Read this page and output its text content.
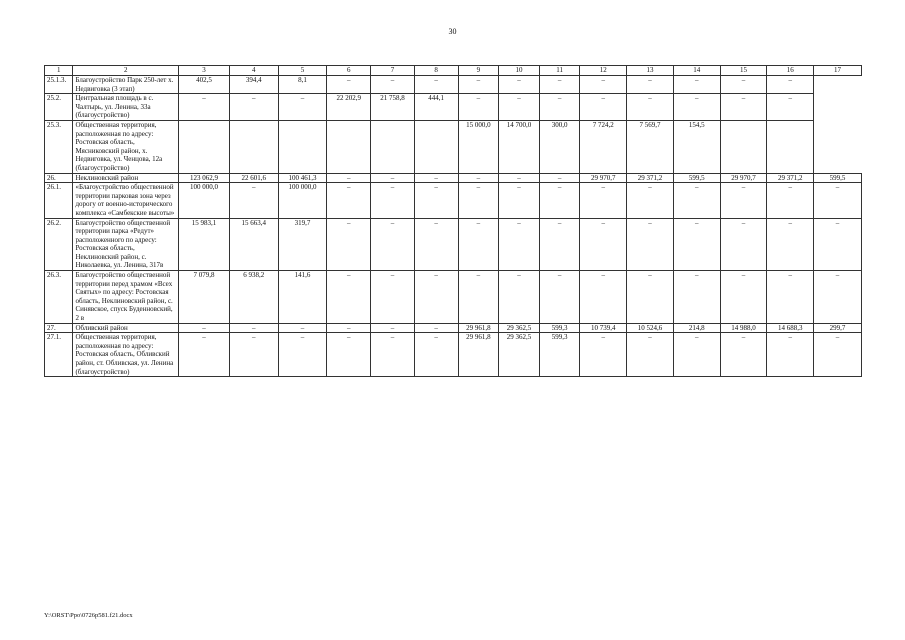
30
1	2	3	4	5	6	7	8	9	10	11	12	13	14	15	16	17
25.1.3.	Благоустройство Парк 250-лет х. Недвиговка (3 этап)	402,5	394,4	8,1	–	–	–	–	–	–	–	–	–	–	–	
25.2.	Центральная площадь в с. Чалтырь, ул. Ленина, 33а (благоустройство)	–	–	–	22 202,9	21 758,8	444,1	–	–	–	–	–	–	–	–	
25.3.	Общественная территория, расположенная по адресу: Ростовская область, Мясниковский район, х. Недвиговка, ул. Ченцова, 12а (благоустройство)							15 000,0	14 700,0	300,0	7 724,2	7 569,7	154,5			
26.	Неклиновский район	123 062,9	22 601,6	100 461,3	–	–	–	–	–	–	29 970,7	29 371,2	599,5	29 970,7	29 371,2	599,5
26.1.	«Благоустройство общественной территории парковая зона через дорогу от военно-исторического комплекса «Самбекские высоты»	100 000,0	–	100 000,0	–	–	–	–	–	–	–	–	–	–	–	–
26.2.	Благоустройство общественной территории парка «Редут» расположенного по адресу: Ростовская область, Неклиновский район, с. Николаевка, ул. Ленина, 317в	15 983,1	15 663,4	319,7	–	–	–	–	–	–	–	–	–	–	–	–
26.3.	Благоустройство общественной территории перед храмом «Всех Святых» по адресу: Ростовская область, Неклиновский район, с. Синявское, спуск Буденновский, 2 в	7 079,8	6 938,2	141,6	–	–	–	–	–	–	–	–	–	–	–	–
27.	Обливский район	–	–	–	–	–	–	29 961,8	29 362,5	599,3	10 739,4	10 524,6	214,8	14 988,0	14 688,3	299,7
27.1.	Общественная территория, расположенная по адресу: Ростовская область, Обливский район, ст. Обливская, ул. Ленина (благоустройство)	–	–	–	–	–	–	29 961,8	29 362,5	599,3	–	–	–	–	–	–
Y:\ORST\Ppo\0726p581.f21.docx
